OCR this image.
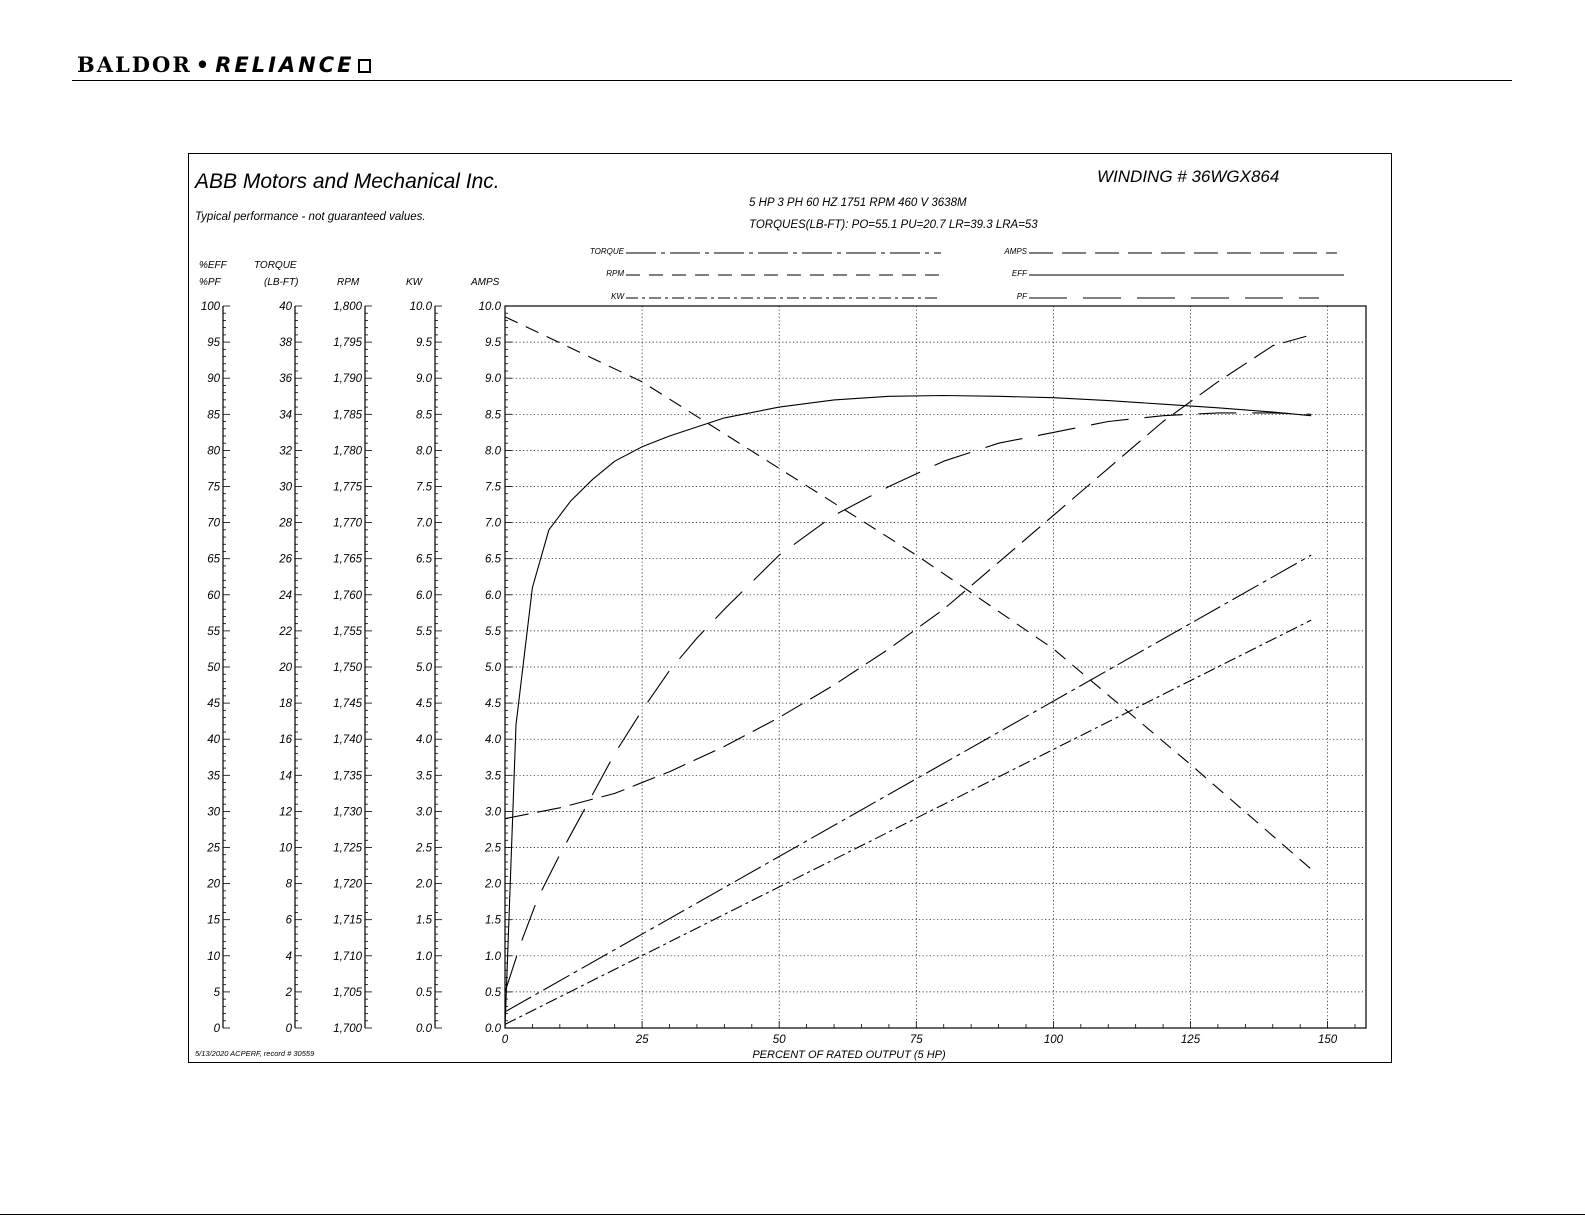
BALDOR • RELIANCE
ABB Motors and Mechanical Inc.	WINDING # 36WGX864
Typical performance - not guaranteed values.
5 HP 3 PH 60 HZ 1751 RPM 460 V 3638M
TORQUES(LB-FT): PO=55.1 PU=20.7 LR=39.3 LRA=53
TORQUE
RPM
KW
AMPS
EFF
PF
%EFF
%PF
TORQUE
(LB-FT)	RPM	KW	AMPS
100
95
90
85
80
75
70
65
60
55
50
45
40
35
30
25
20
15
10
5
0
40
38
36
34
32
30
28
26
24
22
20
18
16
14
12
10
8
6
4
2
0
1,800
1,795
1,790
1,785
1,780
1,775
1,770
1,765
1,760
1,755
1,750
1,745
1,740
1,735
1,730
1,725
1,720
1,715
1,710
1,705
1,700
10.0
9.5
9.0
8.5
8.0
7.5
7.0
6.5
6.0
5.5
5.0
4.5
4.0
3.5
3.0
2.5
2.0
1.5
1.0
0.5
0.0
10.0
9.5
9.0
8.5
8.0
7.5
7.0
6.5
6.0
5.5
5.0
4.5
4.0
3.5
3.0
2.5
2.0
1.5
1.0
0.5
0.0
0	25	50	75	100	125	150
PERCENT OF RATED OUTPUT (5 HP)
5/13/2020 ACPERF, record # 30559
